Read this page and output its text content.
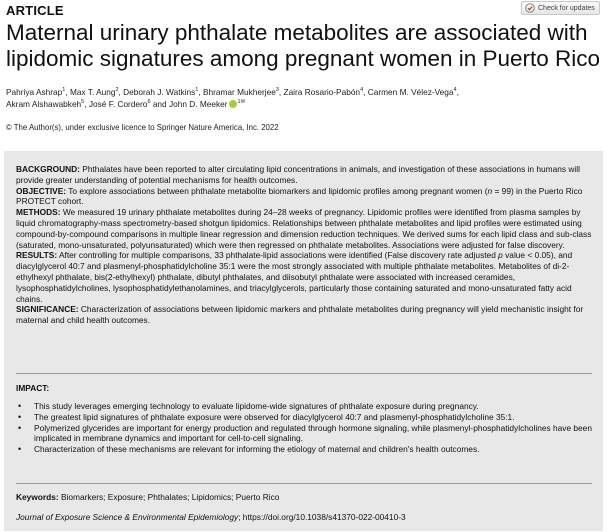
ARTICLE	Check for updates
Maternal urinary phthalate metabolites are associated with lipidomic signatures among pregnant women in Puerto Rico
Pahriya Ashrap$^1$, Max T. Aung$^2$, Deborah J. Watkins$^1$, Bhramar Mukherjee$^3$, Zaira Rosario-Pabón$^4$, Carmen M. Vélez-Vega$^4$,
Akram Alshawabkeh$^5$, José F. Cordero$^6$ and John D. Meeker $^{1✉}$
© The Author(s), under exclusive licence to Springer Nature America, Inc. 2022

BACKGROUND: Phthalates have been reported to alter circulating lipid concentrations in animals, and investigation of these associations in humans will provide greater understanding of potential mechanisms for health outcomes.

OBJECTIVE: To explore associations between phthalate metabolite biomarkers and lipidomic profiles among pregnant women (n = 99) in the Puerto Rico PROTECT cohort.

METHODS: We measured 19 urinary phthalate metabolites during 24–28 weeks of pregnancy. Lipidomic profiles were identified from plasma samples by liquid chromatography-mass spectrometry-based shotgun lipidomics. Relationships between phthalate metabolites and lipid profiles were estimated using compound-by-compound comparisons in multiple linear regression and dimension reduction techniques. We derived sums for each lipid class and sub-class (saturated, mono-unsaturated, polyunsaturated) which were then regressed on phthalate metabolites. Associations were adjusted for false discovery.

RESULTS: After controlling for multiple comparisons, 33 phthalate-lipid associations were identified (False discovery rate adjusted p value < 0.05), and diacylglycerol 40:7 and plasmenyl-phosphatidylcholine 35:1 were the most strongly associated with multiple phthalate metabolites. Metabolites of di-2-ethylhexyl phthalate, bis(2-ethylhexyl) phthalate, dibutyl phthalates, and diisobutyl phthalate were associated with increased ceramides, lysophosphatidylcholines, lysophosphatidylethanolamines, and triacylglycerols, particularly those containing saturated and mono-unsaturated fatty acid chains.

SIGNIFICANCE: Characterization of associations between lipidomic markers and phthalate metabolites during pregnancy will yield mechanistic insight for maternal and child health outcomes.

IMPACT:
• This study leverages emerging technology to evaluate lipidome-wide signatures of phthalate exposure during pregnancy.
• The greatest lipid signatures of phthalate exposure were observed for diacylglycerol 40:7 and plasmenyl-phosphatidylcholine 35:1.
• Polymerized glycerides are important for energy production and regulated through hormone signaling, while plasmenyl-phosphatidylcholines have been implicated in membrane dynamics and important for cell-to-cell signaling.
• Characterization of these mechanisms are relevant for informing the etiology of maternal and children's health outcomes.
Keywords: Biomarkers; Exposure; Phthalates; Lipidomics; Puerto Rico
Journal of Exposure Science & Environmental Epidemiology; https://doi.org/10.1038/s41370-022-00410-3
